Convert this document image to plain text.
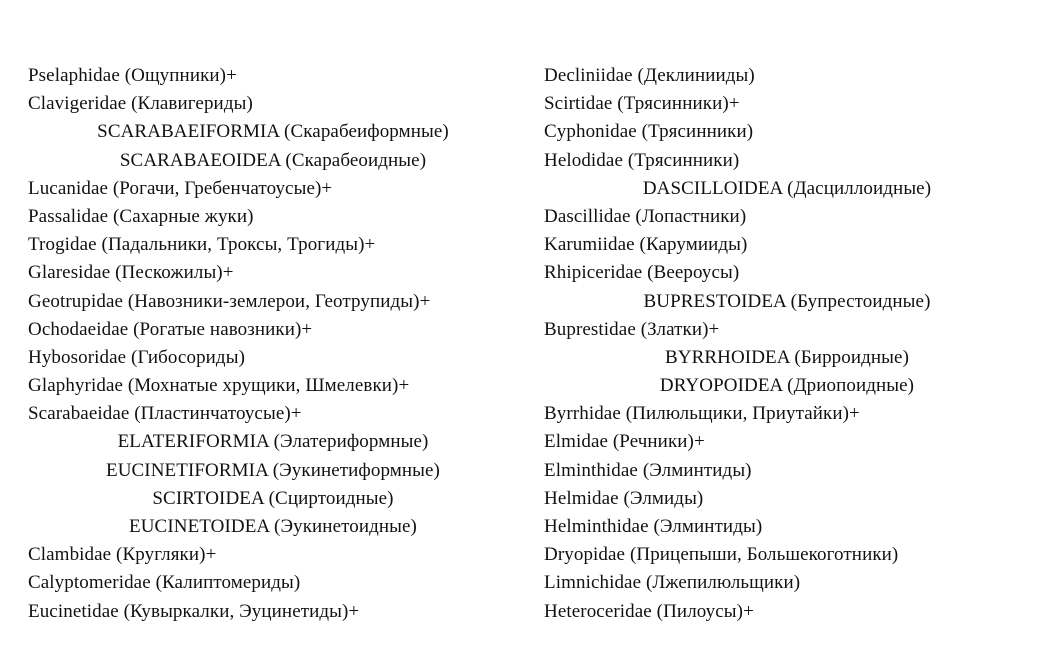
Pselaphidae (Ощупники)+
Clavigeridae (Клавигериды)
SCARABAEIFORMIA (Скарабеиформные)
SCARABAEOIDEA (Скарабеоидные)
Lucanidae (Рогачи, Гребенчатоусые)+
Passalidae (Сахарные жуки)
Trogidae (Падальники, Троксы, Трогиды)+
Glaresidae (Пескожилы)+
Geotrupidae (Навозники-землерои, Геотрупиды)+
Ochodaeidae (Рогатые навозники)+
Hybosoridae (Гибосориды)
Glaphyridae (Мохнатые хрущики, Шмелевки)+
Scarabaeidae (Пластинчатоусые)+
ELATERIFORMIA (Элатериформные)
EUCINETIFORMIA (Эукинетиформные)
SCIRTOIDEA (Сциртоидные)
EUCINETOIDEA (Эукинетоидные)
Clambidae (Кругляки)+
Calyptomeridae (Калиптомериды)
Eucinetidae (Кувыркалки, Эуцинетиды)+
Decliniidae (Деклинииды)
Scirtidae (Трясинники)+
Cyphonidae (Трясинники)
Helodidae (Трясинники)
DASCILLOIDEA (Дасциллоидные)
Dascillidae (Лопастники)
Karumiidae (Карумииды)
Rhipiceridae (Веероусы)
BUPRESTOIDEA (Бупрестоидные)
Buprestidae (Златки)+
BYRRHOIDEA (Бирроидные)
DRYOPOIDEA (Дриопоидные)
Byrrhidae (Пилюльщики, Приутайки)+
Elmidae (Речники)+
Elminthidae (Элминтиды)
Helmidae (Элмиды)
Helminthidae (Элминтиды)
Dryopidae (Прицепыши, Большекоготники)
Limnichidae (Лжепилюльщики)
Heteroceridae (Пилоусы)+
